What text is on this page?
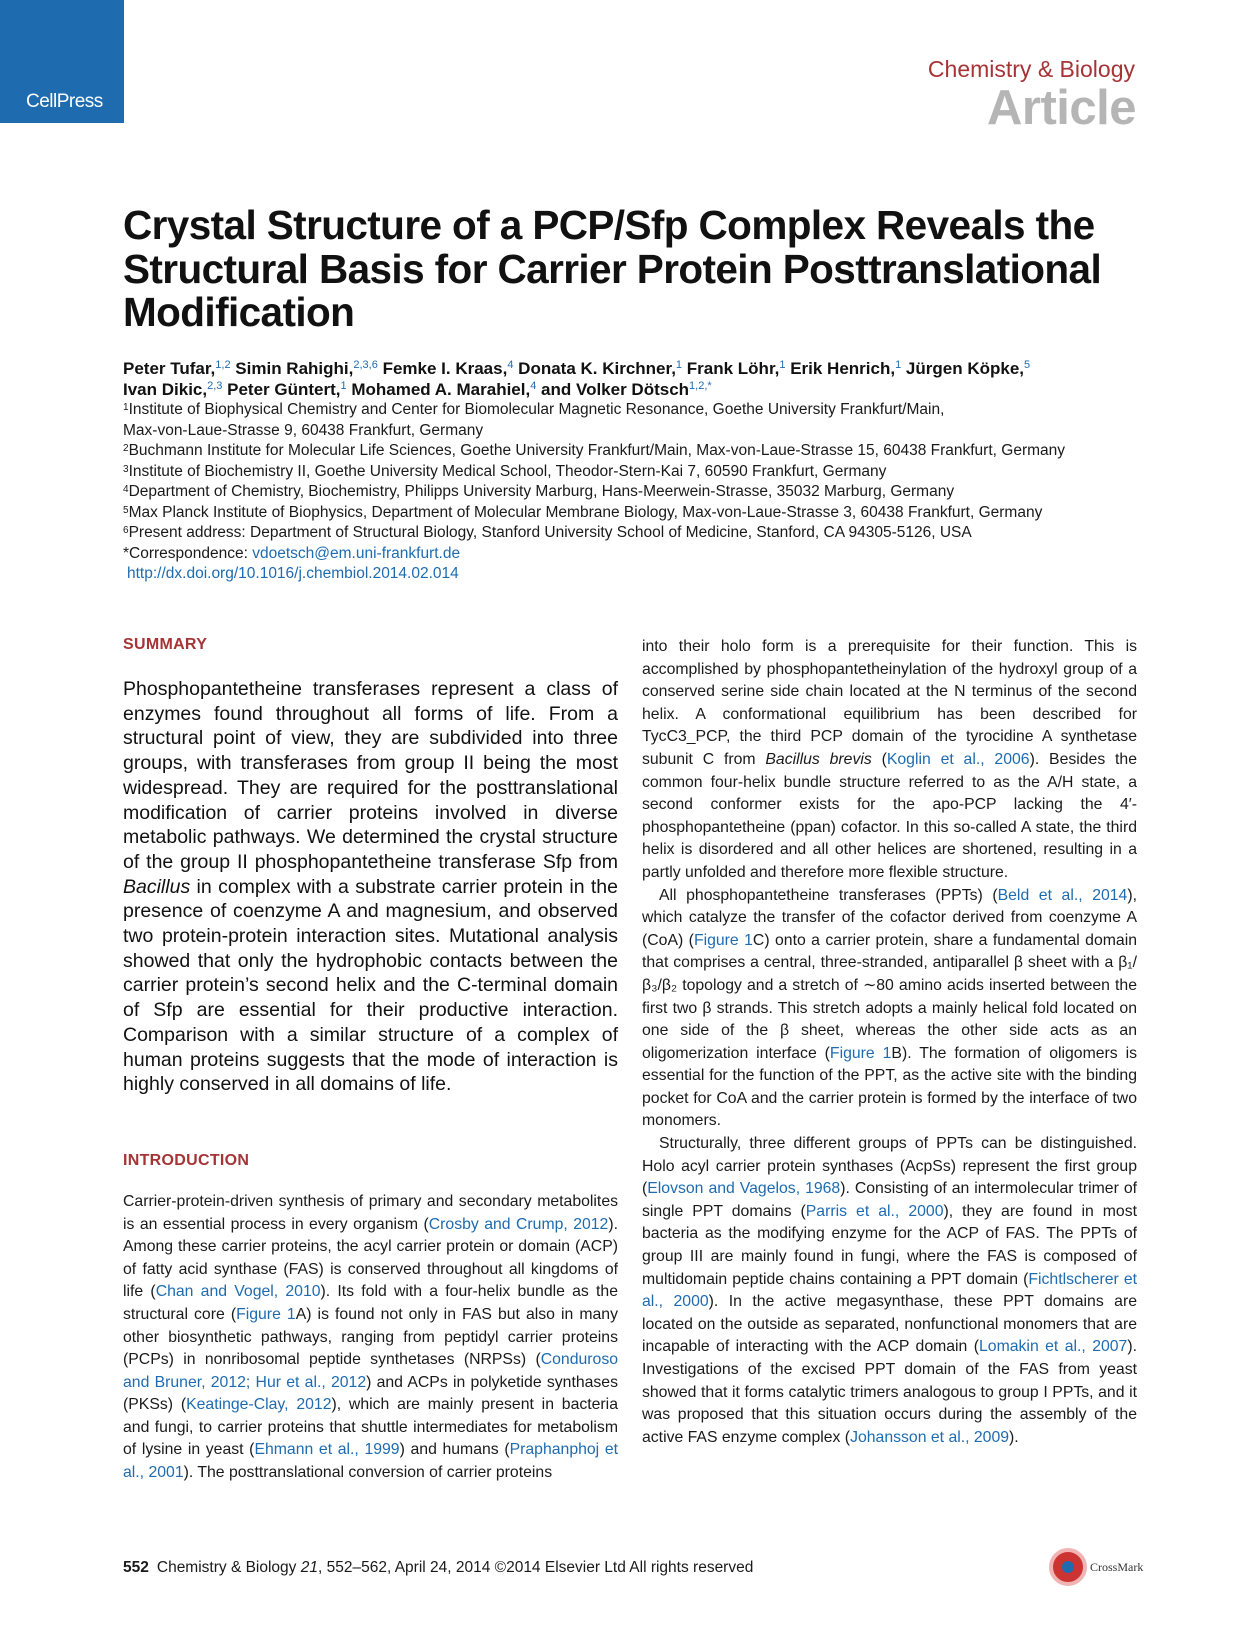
CellPress
Chemistry & Biology
Article
Crystal Structure of a PCP/Sfp Complex Reveals the Structural Basis for Carrier Protein Posttranslational Modification
Peter Tufar,$^{1,2}$ Simin Rahighi,$^{2,3,6}$ Femke I. Kraas,$^4$ Donata K. Kirchner,$^1$ Frank Löhr,$^1$ Erik Henrich,$^1$ Jürgen Köpke,$^5$
Ivan Dikic,$^{2,3}$ Peter Güntert,$^1$ Mohamed A. Marahiel,$^4$ and Volker Dötsch$^{1,2,*}$
$^1$Institute of Biophysical Chemistry and Center for Biomolecular Magnetic Resonance, Goethe University Frankfurt/Main,
Max-von-Laue-Strasse 9, 60438 Frankfurt, Germany
$^2$Buchmann Institute for Molecular Life Sciences, Goethe University Frankfurt/Main, Max-von-Laue-Strasse 15, 60438 Frankfurt, Germany
$^3$Institute of Biochemistry II, Goethe University Medical School, Theodor-Stern-Kai 7, 60590 Frankfurt, Germany
$^4$Department of Chemistry, Biochemistry, Philipps University Marburg, Hans-Meerwein-Strasse, 35032 Marburg, Germany
$^5$Max Planck Institute of Biophysics, Department of Molecular Membrane Biology, Max-von-Laue-Strasse 3, 60438 Frankfurt, Germany
$^6$Present address: Department of Structural Biology, Stanford University School of Medicine, Stanford, CA 94305-5126, USA
*Correspondence: vdoetsch@em.uni-frankfurt.de
http://dx.doi.org/10.1016/j.chembiol.2014.02.014
SUMMARY

Phosphopantetheine transferases represent a class of enzymes found throughout all forms of life. From a structural point of view, they are subdivided into three groups, with transferases from group II being the most widespread. They are required for the posttranslational modification of carrier proteins involved in diverse metabolic pathways. We determined the crystal structure of the group II phosphopantetheine transferase Sfp from Bacillus in complex with a substrate carrier protein in the presence of coenzyme A and magnesium, and observed two protein-protein interaction sites. Mutational analysis showed that only the hydrophobic contacts between the carrier protein’s second helix and the C-terminal domain of Sfp are essential for their productive interaction. Comparison with a similar structure of a complex of human proteins suggests that the mode of interaction is highly conserved in all domains of life.

INTRODUCTION

Carrier-protein-driven synthesis of primary and secondary metabolites is an essential process in every organism (Crosby and Crump, 2012). Among these carrier proteins, the acyl carrier protein or domain (ACP) of fatty acid synthase (FAS) is conserved throughout all kingdoms of life (Chan and Vogel, 2010). Its fold with a four-helix bundle as the structural core (Figure 1A) is found not only in FAS but also in many other biosynthetic pathways, ranging from peptidyl carrier proteins (PCPs) in nonribosomal peptide synthetases (NRPSs) (Conduroso and Bruner, 2012; Hur et al., 2012) and ACPs in polyketide synthases (PKSs) (Keatinge-Clay, 2012), which are mainly present in bacteria and fungi, to carrier proteins that shuttle intermediates for metabolism of lysine in yeast (Ehmann et al., 1999) and humans (Praphanphoj et al., 2001). The posttranslational conversion of carrier proteins

into their holo form is a prerequisite for their function. This is accomplished by phosphopantetheinylation of the hydroxyl group of a conserved serine side chain located at the N terminus of the second helix. A conformational equilibrium has been described for TycC3_PCP, the third PCP domain of the tyrocidine A synthetase subunit C from Bacillus brevis (Koglin et al., 2006). Besides the common four-helix bundle structure referred to as the A/H state, a second conformer exists for the apo-PCP lacking the 4′-phosphopantetheine (ppan) cofactor. In this so-called A state, the third helix is disordered and all other helices are shortened, resulting in a partly unfolded and therefore more flexible structure.

All phosphopantetheine transferases (PPTs) (Beld et al., 2014), which catalyze the transfer of the cofactor derived from coenzyme A (CoA) (Figure 1C) onto a carrier protein, share a fundamental domain that comprises a central, three-stranded, antiparallel β sheet with a β₁/β₃/β₂ topology and a stretch of ∼80 amino acids inserted between the first two β strands. This stretch adopts a mainly helical fold located on one side of the β sheet, whereas the other side acts as an oligomerization interface (Figure 1B). The formation of oligomers is essential for the function of the PPT, as the active site with the binding pocket for CoA and the carrier protein is formed by the interface of two monomers.

Structurally, three different groups of PPTs can be distinguished. Holo acyl carrier protein synthases (AcpSs) represent the first group (Elovson and Vagelos, 1968). Consisting of an intermolecular trimer of single PPT domains (Parris et al., 2000), they are found in most bacteria as the modifying enzyme for the ACP of FAS. The PPTs of group III are mainly found in fungi, where the FAS is composed of multidomain peptide chains containing a PPT domain (Fichtlscherer et al., 2000). In the active megasynthase, these PPT domains are located on the outside as separated, nonfunctional monomers that are incapable of interacting with the ACP domain (Lomakin et al., 2007). Investigations of the excised PPT domain of the FAS from yeast showed that it forms catalytic trimers analogous to group I PPTs, and it was proposed that this situation occurs during the assembly of the active FAS enzyme complex (Johansson et al., 2009).

552 Chemistry & Biology 21, 552–562, April 24, 2014 ©2014 Elsevier Ltd All rights reserved	CrossMark
